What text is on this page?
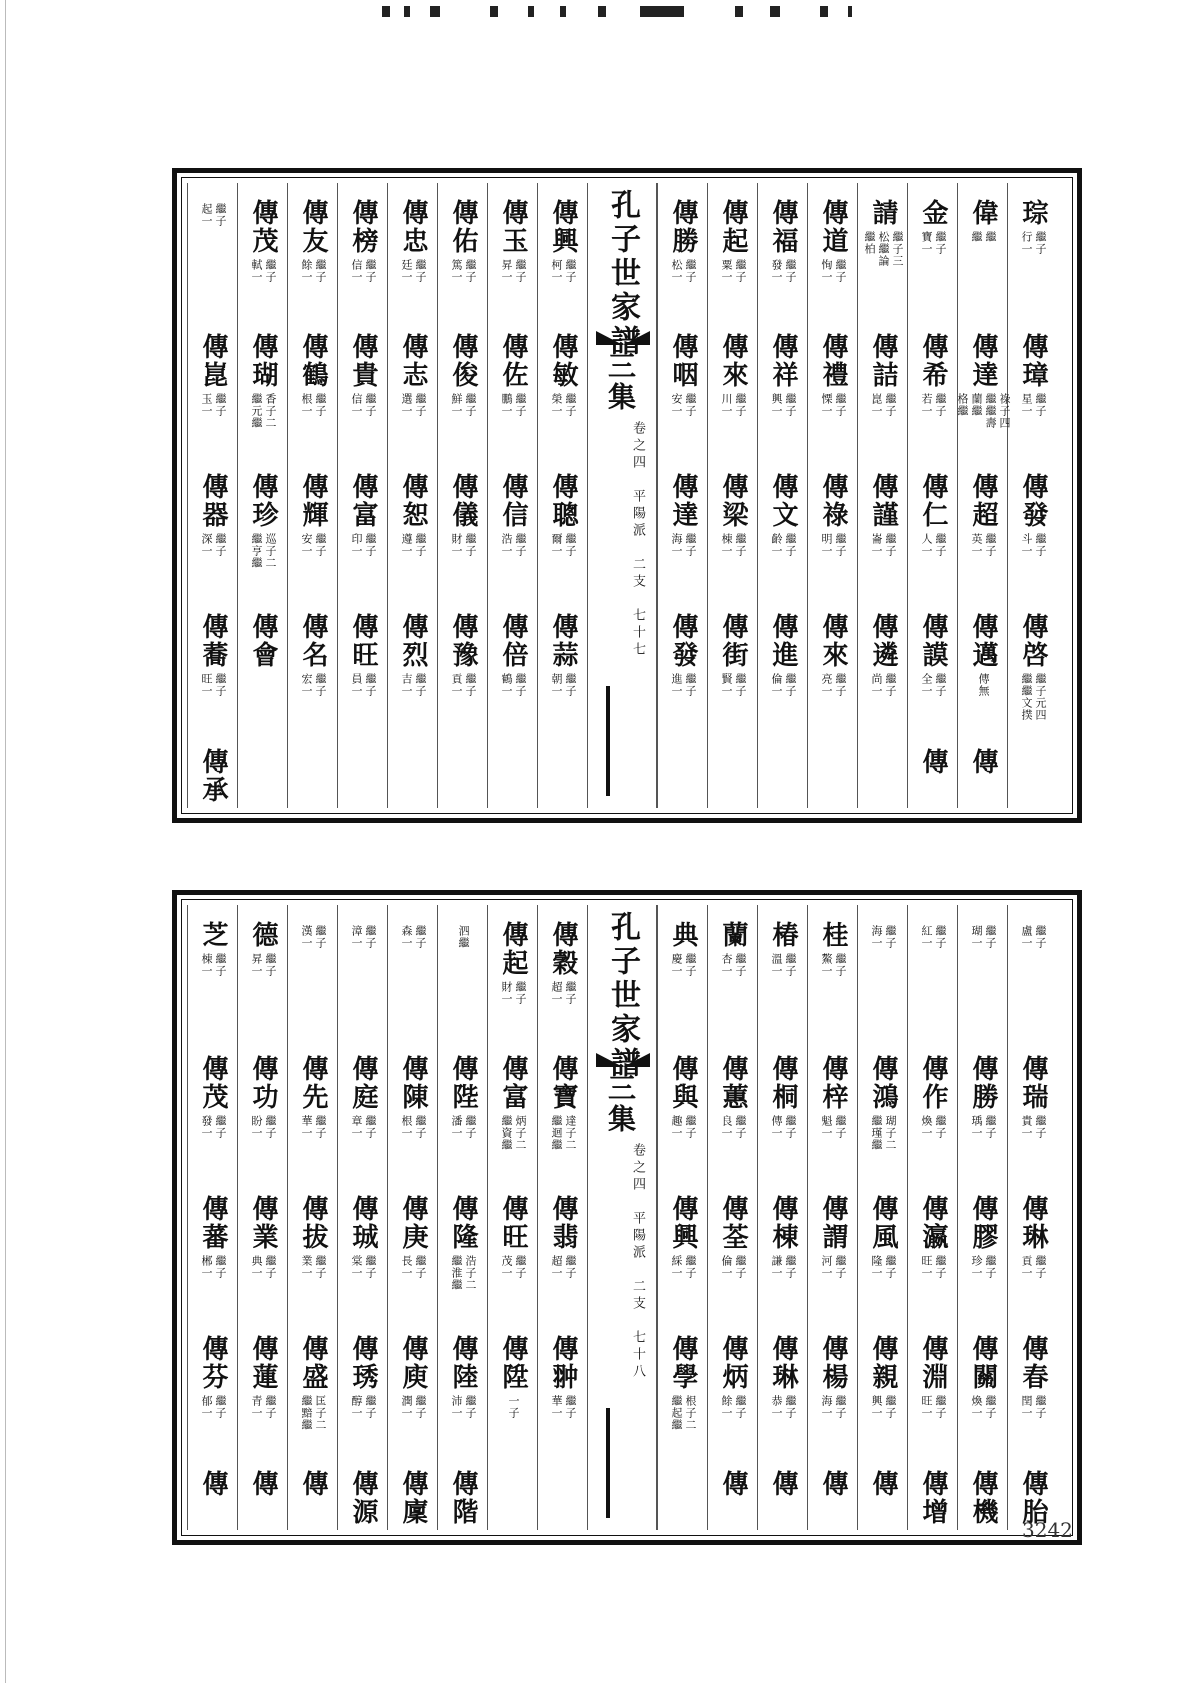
傳興
繼子
柯一
傳敏
繼子
榮一
傳聰
繼子
爾一
傳蒜
繼子
朝一
傳玉
繼子
昇一
傳佐
繼子
鵬一
傳信
繼子
浩一
傳倍
繼子
鶴一
傳佑
繼子
篤一
傳俊
繼子
鮮一
傳儀
繼子
財一
傳豫
繼子
貢一
傳忠
繼子
廷一
傳志
繼子
選一
傳恕
繼子
遵一
傳烈
繼子
吉一
傳榜
繼子
信一
傳貴
繼子
信一
傳富
繼子
印一
傳旺
繼子
員一
傳友
繼子
餘一
傳鶴
繼子
根一
傳輝
繼子
安一
傳名
繼子
宏一
傳茂
繼子
軾一
傳瑚
香子二
繼元繼
傳珍
巡子二
繼亨繼
傳會
繼子
起一
傳崑
繼子
玉一
傳器
繼子
深一
傳蕎
繼子
旺一
傳承
孔子世家譜
三集
卷之四　平陽派　二支　七十七
琮
繼子
行一
傳璋
繼子
星一
傳發
繼子
斗一
傳啓
繼子元四
繼繼文撲
偉
繼
繼
傳達
祿子四
繼繼壽
蘭繼
格繼
傳超
繼子
英一
傳邁
傳無
傳
金
繼子
寶一
傳希
繼子
若一
傳仁
繼子
人一
傳謨
繼子
全一
傳
請
繼子三
松繼論
繼柏
傳詰
繼子
崑一
傳謹
繼子
崙一
傳遴
繼子
尚一
傳道
繼子
恂一
傳禮
繼子
慄一
傳祿
繼子
明一
傳來
繼子
亮一
傳福
繼子
發一
傳祥
繼子
興一
傳文
繼子
齡一
傳進
繼子
倫一
傳起
繼子
粟一
傳來
繼子
川一
傳梁
繼子
棟一
傳街
繼子
賢一
傳勝
繼子
松一
傳咽
繼子
安一
傳達
繼子
海一
傳發
繼子
進一
傳穀
繼子
超一
傳寶
達子二
繼迴繼
傳翡
繼子
超一
傳翀
繼子
華一
傳起
繼子
財一
傳富
炳子二
繼資繼
傳旺
繼子
茂一
傳陞
一子
泗繼
傳陛
繼子
潘一
傳隆
浩子二
繼淮繼
傳陸
繼子
沛一
傳階
繼子
森一
傳陳
繼子
根一
傳庚
繼子
長一
傳庾
繼子
潤一
傳廩
繼子
漳一
傳庭
繼子
章一
傳珹
繼子
棠一
傳琇
繼子
醇一
傳源
繼子
漢一
傳先
繼子
華一
傳拔
繼子
業一
傳盛
匡子二
繼黯繼
傳
德
繼子
昇一
傳功
繼子
盼一
傳業
繼子
典一
傳蓮
繼子
青一
傳
芝
繼子
棟一
傳茂
繼子
發一
傳蕃
繼子
郴一
傳芬
繼子
郁一
傳
孔子世家譜
三集
卷之四　平陽派　二支　七十八
繼子
盧一
傳瑞
繼子
貴一
傳琳
繼子
貢一
傳春
繼子
閏一
傳胎
繼子
瑚一
傳勝
繼子
瑀一
傳膠
繼子
珍一
傳關
繼子
煥一
傳機
繼子
紅一
傳作
繼子
煥一
傳瀛
繼子
旺一
傳淵
繼子
旺一
傳增
繼子
海一
傳鴻
瑚子二
繼瑾繼
傳風
繼子
隆一
傳親
繼子
興一
傳
桂
繼子
鰲一
傳梓
繼子
魁一
傳謂
繼子
河一
傳楊
繼子
海一
傳
椿
繼子
溫一
傳桐
繼子
傳一
傳棟
繼子
謙一
傳琳
繼子
恭一
傳
蘭
繼子
杏一
傳蕙
繼子
良一
傳荃
繼子
倫一
傳炳
繼子
餘一
傳
典
繼子
慶一
傳與
繼子
趣一
傳興
繼子
綵一
傳學
根子二
繼起繼
3242
